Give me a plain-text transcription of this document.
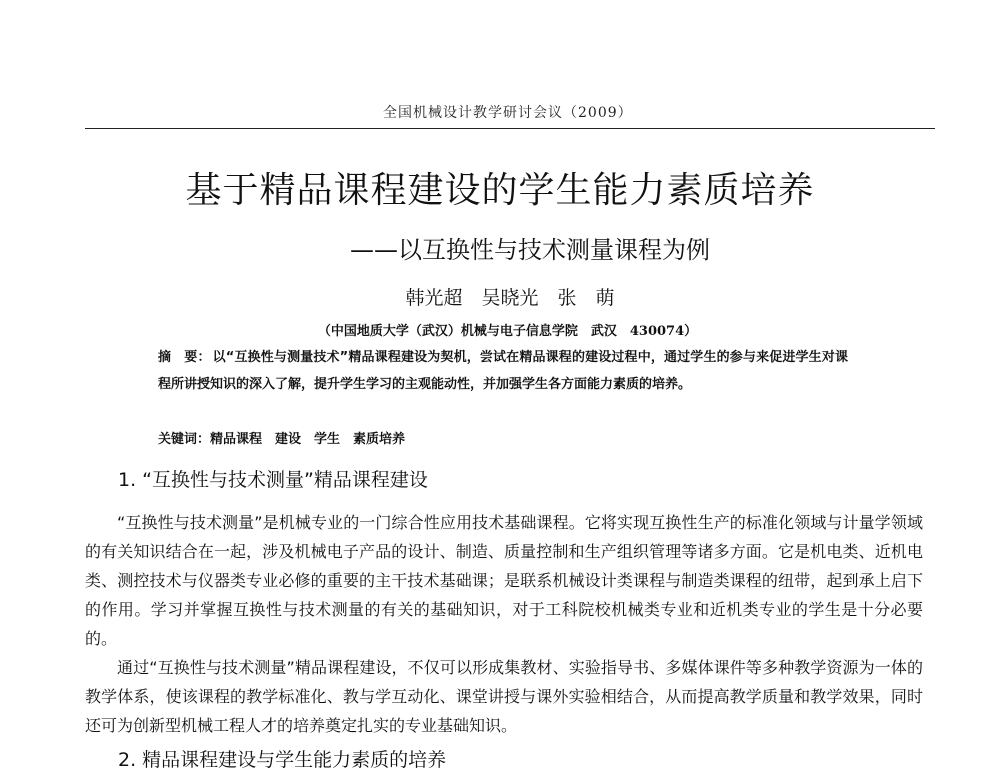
全国机械设计教学研讨会议（2009）
基于精品课程建设的学生能力素质培养
——以互换性与技术测量课程为例
韩光超　吴晓光　张　萌
（中国地质大学（武汉）机械与电子信息学院　武汉　430074）
摘　要： 以“互换性与测量技术”精品课程建设为契机，尝试在精品课程的建设过程中，通过学生的参与来促进学生对课程所讲授知识的深入了解，提升学生学习的主观能动性，并加强学生各方面能力素质的培养。
关键词：精品课程　建设　学生　素质培养
1. “互换性与技术测量”精品课程建设

“互换性与技术测量”是机械专业的一门综合性应用技术基础课程。它将实现互换性生产的标准化领域与计量学领域的有关知识结合在一起，涉及机械电子产品的设计、制造、质量控制和生产组织管理等诸多方面。它是机电类、近机电类、测控技术与仪器类专业必修的重要的主干技术基础课；是联系机械设计类课程与制造类课程的纽带，起到承上启下的作用。学习并掌握互换性与技术测量的有关的基础知识，对于工科院校机械类专业和近机类专业的学生是十分必要的。

通过“互换性与技术测量”精品课程建设，不仅可以形成集教材、实验指导书、多媒体课件等多种教学资源为一体的教学体系，使该课程的教学标准化、教与学互动化、课堂讲授与课外实验相结合，从而提高教学质量和教学效果，同时还可为创新型机械工程人才的培养奠定扎实的专业基础知识。

2. 精品课程建设与学生能力素质的培养
